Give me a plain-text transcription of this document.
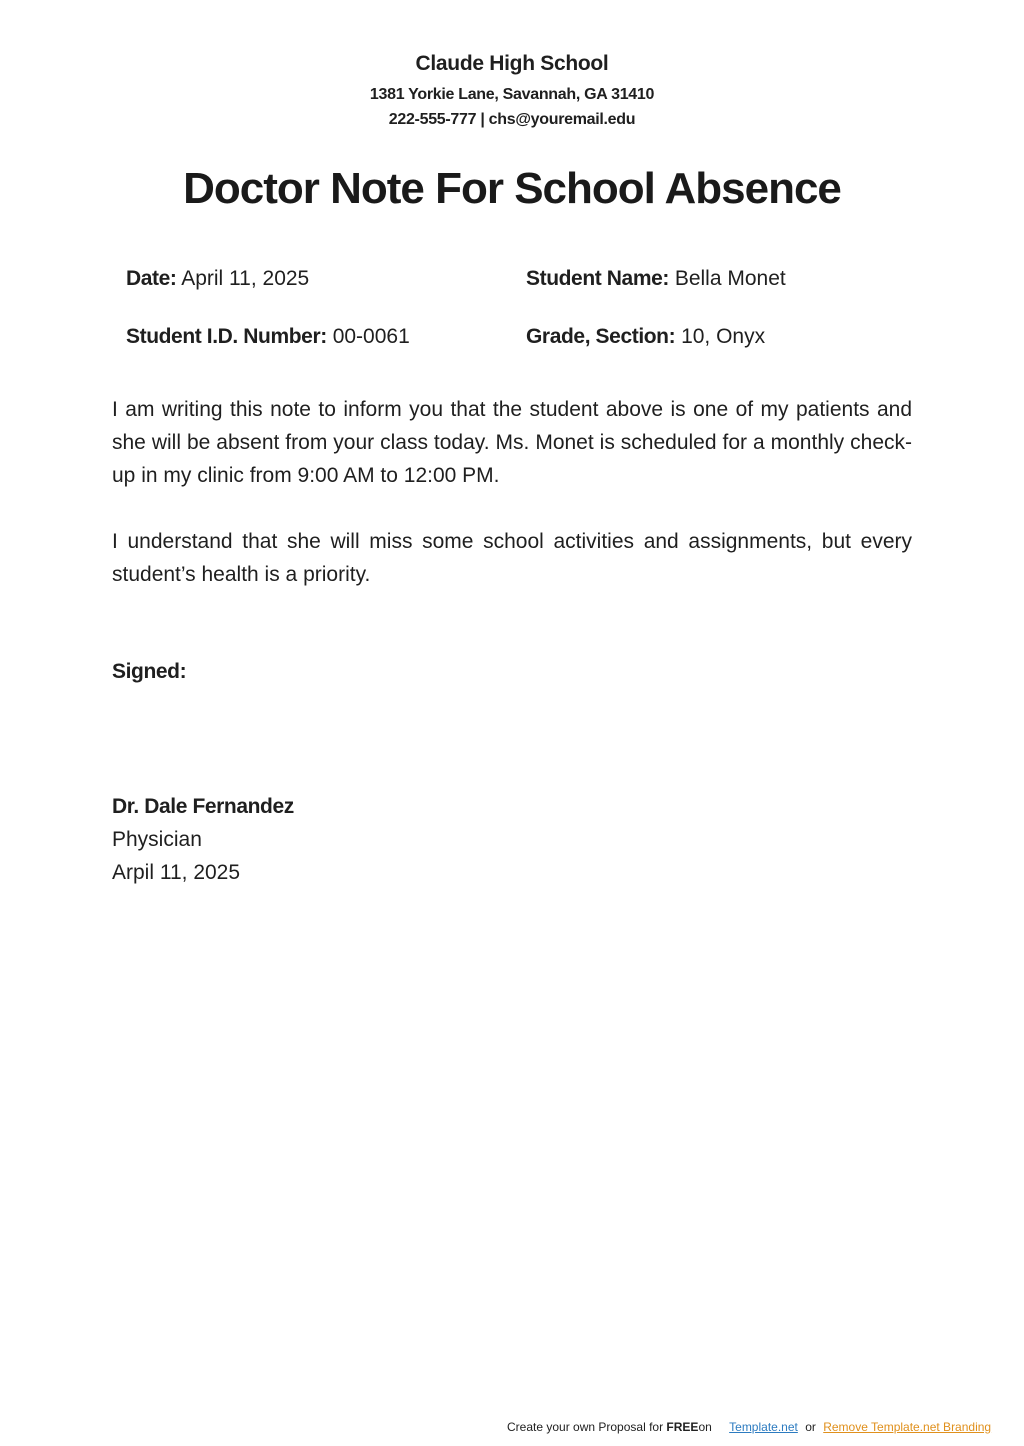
Claude High School
1381 Yorkie Lane, Savannah, GA 31410
222-555-777 | chs@youremail.edu
Doctor Note For School Absence
Date: April 11, 2025	Student Name: Bella Monet
Student I.D. Number: 00-0061	Grade, Section: 10, Onyx
I am writing this note to inform you that the student above is one of my patients and she will be absent from your class today. Ms. Monet is scheduled for a monthly check-up in my clinic from 9:00 AM to 12:00 PM.
I understand that she will miss some school activities and assignments, but every student’s health is a priority.
Signed:
Dr. Dale Fernandez
Physician
Arpil 11, 2025
Create your own Proposal for FREEon Template.net or Remove Template.net Branding
